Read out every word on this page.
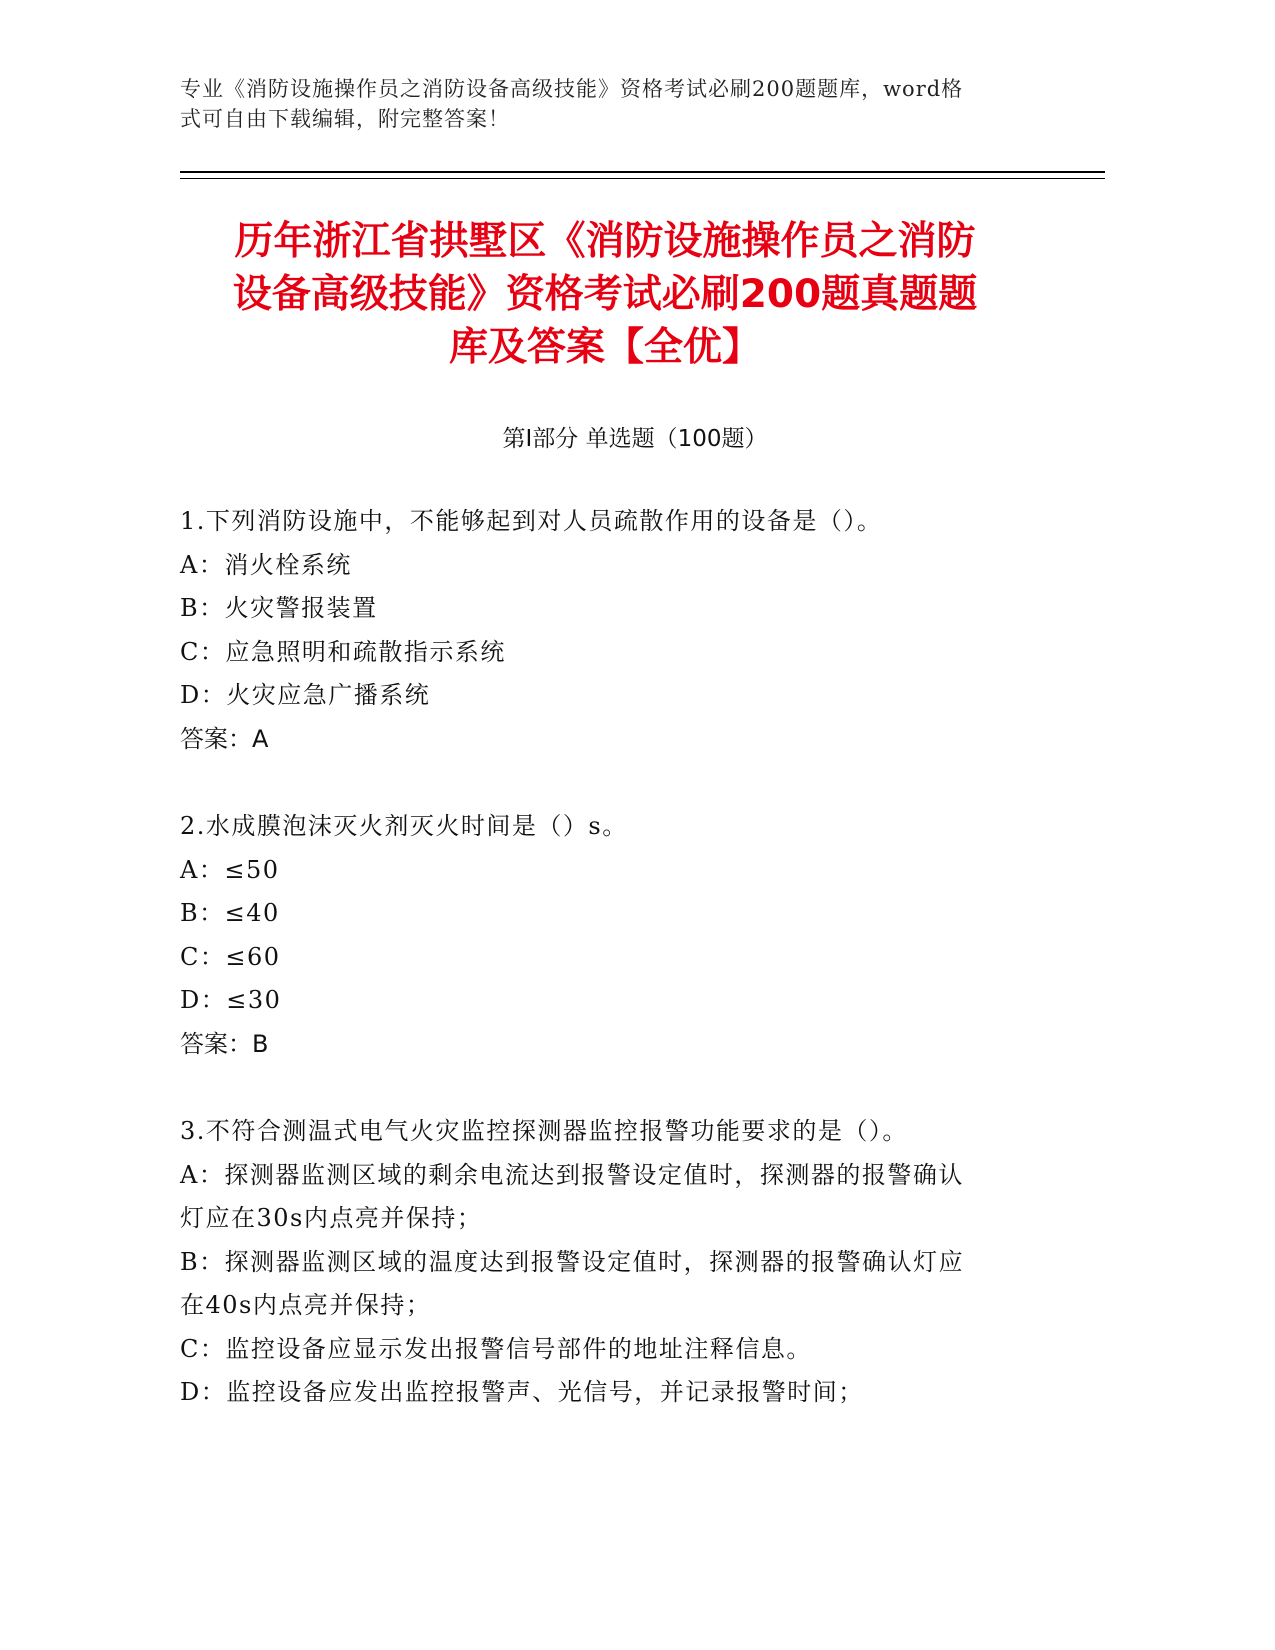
专业《消防设施操作员之消防设备高级技能》资格考试必刷200题题库，word格
式可自由下载编辑，附完整答案！
历年浙江省拱墅区《消防设施操作员之消防
设备高级技能》资格考试必刷200题真题题
库及答案【全优】
第Ⅰ部分 单选题（100题）
1.下列消防设施中，不能够起到对人员疏散作用的设备是（）。
A：消火栓系统
B：火灾警报装置
C：应急照明和疏散指示系统
D：火灾应急广播系统
答案：A
2.水成膜泡沫灭火剂灭火时间是（）s。
A：≤50
B：≤40
C：≤60
D：≤30
答案：B
3.不符合测温式电气火灾监控探测器监控报警功能要求的是（）。
A：探测器监测区域的剩余电流达到报警设定值时，探测器的报警确认
灯应在30s内点亮并保持；
B：探测器监测区域的温度达到报警设定值时，探测器的报警确认灯应
在40s内点亮并保持；
C：监控设备应显示发出报警信号部件的地址注释信息。
D：监控设备应发出监控报警声、光信号，并记录报警时间；
